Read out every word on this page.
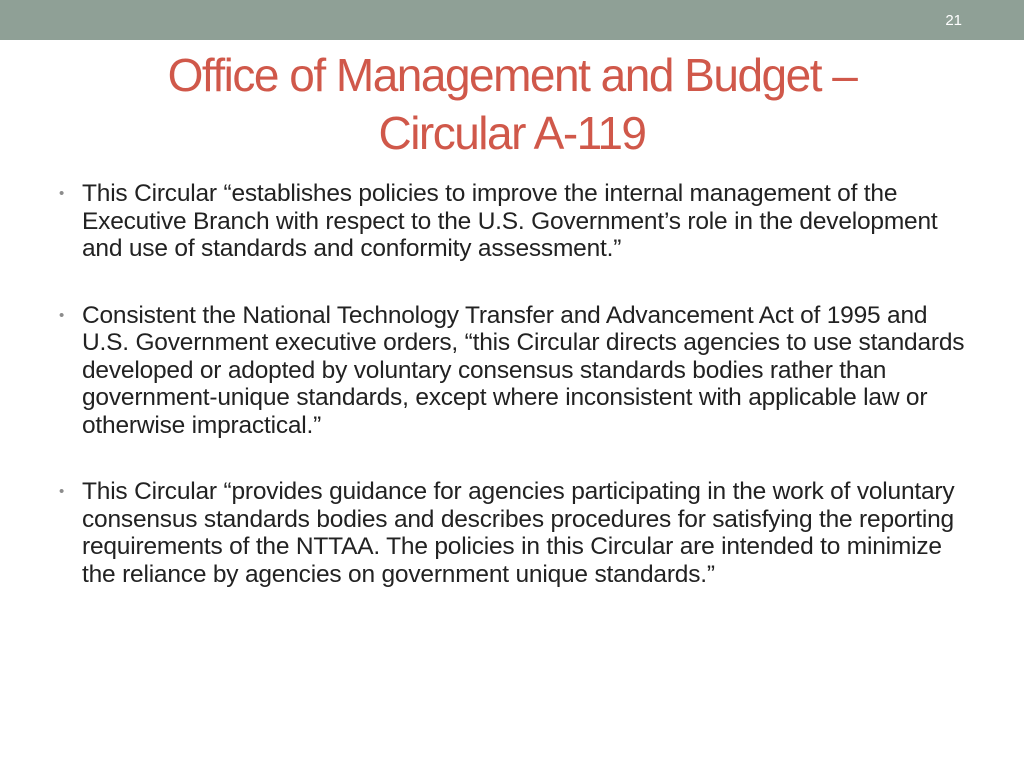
21
Office of Management and Budget –
Circular A-119
• This Circular “establishes policies to improve the internal management of the Executive Branch with respect to the U.S. Government’s role in the development and use of standards and conformity assessment.”
• Consistent the National Technology Transfer and Advancement Act of 1995 and U.S. Government executive orders, “this Circular directs agencies to use standards developed or adopted by voluntary consensus standards bodies rather than government-unique standards, except where inconsistent with applicable law or otherwise impractical.”
• This Circular “provides guidance for agencies participating in the work of voluntary consensus standards bodies and describes procedures for satisfying the reporting requirements of the NTTAA. The policies in this Circular are intended to minimize the reliance by agencies on government unique standards.”
